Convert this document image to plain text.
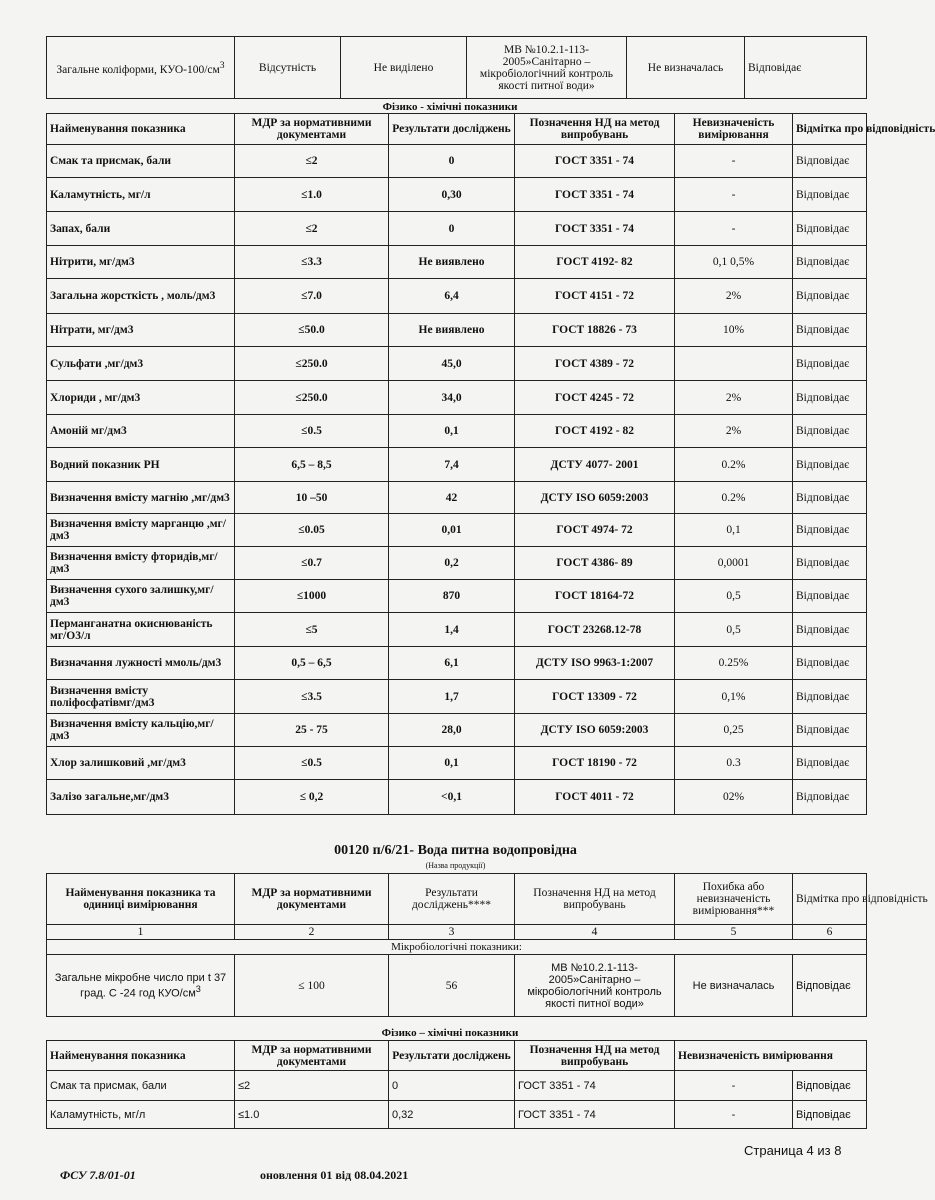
Загальне коліформи, КУО-$100/см^3$	Відсутність	Не виділено	МВ №10.2.1-113-2005»Санітарно – мікробіологічний контроль якості питної води»	Не визначалась	Відповідає
Фізико - хімічні показники
Найменування показника	МДР за нормативними документами	Результати досліджень	Позначення НД на метод випробувань	Невизначеність вимірювання	Відмітка про відповідність
Смак та присмак, бали	≤2	0	ГОСТ 3351 - 74	-	Відповідає
Каламутність, мг/л	≤1.0	0,30	ГОСТ 3351 - 74	-	Відповідає
Запах, бали	≤2	0	ГОСТ 3351 - 74	-	Відповідає
Нітрити, мг/дм3	≤3.3	Не виявлено	ГОСТ 4192- 82	0,1 0,5%	Відповідає
Загальна жорсткість , моль/дм3	≤7.0	6,4	ГОСТ 4151 - 72	2%	Відповідає
Нітрати, мг/дм3	≤50.0	Не виявлено	ГОСТ 18826 - 73	10%	Відповідає
Сульфати ,мг/дм3	≤250.0	45,0	ГОСТ 4389 - 72		Відповідає
Хлориди , мг/дм3	≤250.0	34,0	ГОСТ 4245 - 72	2%	Відповідає
Амоній мг/дм3	≤0.5	0,1	ГОСТ 4192 - 82	2%	Відповідає
Водний показник РН	6,5 – 8,5	7,4	ДСТУ 4077- 2001	0.2%	Відповідає
Визначення вмісту магнію ,мг/дм3	10 –50	42	ДСТУ ISO 6059:2003	0.2%	Відповідає
Визначення вмісту марганцю ,мг/дм3	≤0.05	0,01	ГОСТ 4974- 72	0,1	Відповідає
Визначення вмісту фторидів,мг/дм3	≤0.7	0,2	ГОСТ 4386- 89	0,0001	Відповідає
Визначення сухого залишку,мг/дм3	≤1000	870	ГОСТ 18164-72	0,5	Відповідає
Перманганатна окиснюваність мг/О3/л	≤5	1,4	ГОСТ 23268.12-78	0,5	Відповідає
Визначання лужності ммоль/дм3	0,5 – 6,5	6,1	ДСТУ ISO 9963-1:2007	0.25%	Відповідає
Визначення вмісту поліфосфатівмг/дм3	≤3.5	1,7	ГОСТ 13309 - 72	0,1%	Відповідає
Визначення вмісту кальцію,мг/дм3	25 - 75	28,0	ДСТУ ISO 6059:2003	0,25	Відповідає
Хлор залишковий ,мг/дм3	≤0.5	0,1	ГОСТ 18190 - 72	0.3	Відповідає
Залізо загальне,мг/дм3	≤ 0,2	<0,1	ГОСТ 4011 - 72	02%	Відповідає
00120 п/6/21- Вода питна водопровідна
(Назва продукції)
Найменування показника та одиниці вимірювання	МДР за нормативними документами	Результати досліджень****	Позначення НД на метод випробувань	Похибка або невизначеність вимірювання***	Відмітка про відповідність
1	2	3	4	5	6
Мікробіологічні показники:					
Загальне мікробне число при t 37 град. С -24 год КУО/$см^3$	≤ 100	56	МВ №10.2.1-113-2005»Санітарно – мікробіологічний контроль якості питної води»	Не визначалась	Відповідає
Фізико – хімічні показники
Найменування показника	МДР за нормативними документами	Результати досліджень	Позначення НД на метод випробувань	Невизначеність вимірювання	
Смак та присмак, бали	≤2	0	ГОСТ 3351 - 74	-	Відповідає
Каламутність, мг/л	≤1.0	0,32	ГОСТ 3351 - 74	-	Відповідає
Страница 4 из 8
ФСУ 7.8/01-01	оновлення 01 від 08.04.2021
